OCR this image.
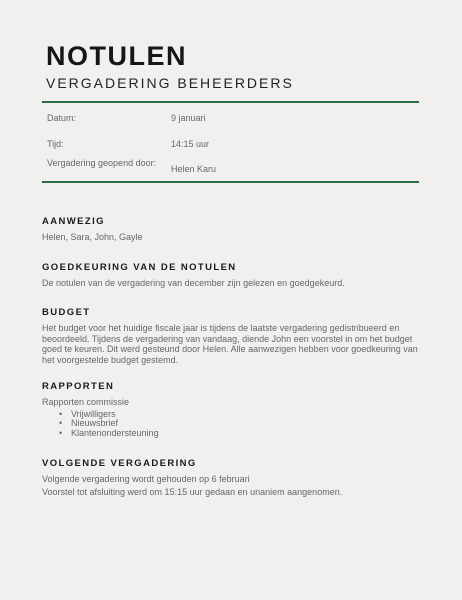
NOTULEN
VERGADERING BEHEERDERS
Datum:	9 januari
Tijd:	14:15 uur
Vergadering geopend door:
Helen Karu
AANWEZIG

Helen, Sara, John, Gayle

GOEDKEURING VAN DE NOTULEN

De notulen van de vergadering van december zijn gelezen en goedgekeurd.

BUDGET

Het budget voor het huidige fiscale jaar is tijdens de laatste vergadering gedistribueerd en beoordeeld. Tijdens de vergadering van vandaag, diende John een voorstel in om het budget goed te keuren. Dit werd gesteund door Helen. Alle aanwezigen hebben voor goedkeuring van het voorgestelde budget gestemd.

RAPPORTEN

Rapporten commissie

• Vrijwilligers
• Nieuwsbrief
• Klantenondersteuning
VOLGENDE VERGADERING

Volgende vergadering wordt gehouden op 6 februari

Voorstel tot afsluiting werd om 15:15 uur gedaan en unaniem aangenomen.
